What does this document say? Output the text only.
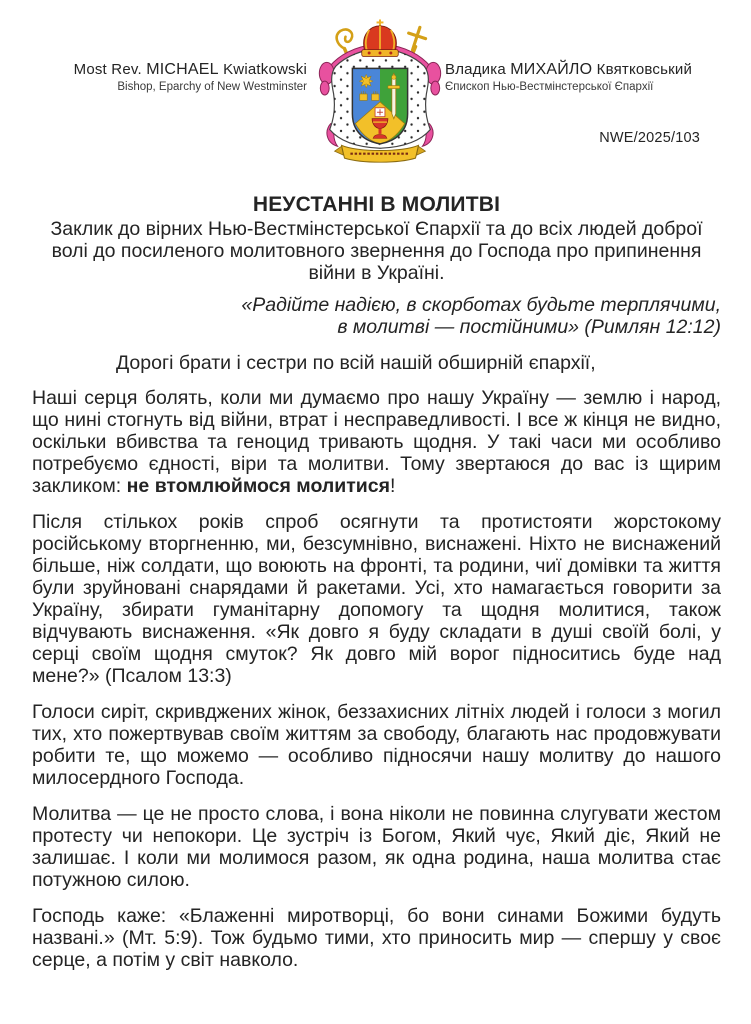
Most Rev. MICHAEL Kwiatkowski
Bishop, Eparchy of New Westminster
Владика МИХАЙЛО Квятковський
Єпископ Нью-Вестмінстерської Єпархії
NWE/2025/103
НЕУСТАННІ В МОЛИТВІ

Заклик до вірних Нью-Вестмінстерської Єпархії та до всіх людей доброї волі до посиленого молитовного звернення до Господа про припинення війни в Україні.

«Радійте надією, в скорботах будьте терплячими,
в молитві — постійними» (Римлян 12:12)

Дорогі брати і сестри по всій нашій обширній єпархії,

Наші серця болять, коли ми думаємо про нашу Україну — землю і народ, що нині стогнуть від війни, втрат і несправедливості. І все ж кінця не видно, оскільки вбивства та геноцид тривають щодня. У такі часи ми особливо потребуємо єдності, віри та молитви. Тому звертаюся до вас із щирим закликом: не втомлюймося молитися!

Після стількох років спроб осягнути та протистояти жорстокому російському вторгненню, ми, безсумнівно, виснажені. Ніхто не виснажений більше, ніж солдати, що воюють на фронті, та родини, чиї домівки та життя були зруйновані снарядами й ракетами. Усі, хто намагається говорити за Україну, збирати гуманітарну допомогу та щодня молитися, також відчувають виснаження. «Як довго я буду складати в душі своїй болі, у серці своїм щодня смуток? Як довго мій ворог підноситись буде над мене?» (Псалом 13:3)

Голоси сиріт, скривджених жінок, беззахисних літніх людей і голоси з могил тих, хто пожертвував своїм життям за свободу, благають нас продовжувати робити те, що можемо — особливо підносячи нашу молитву до нашого милосердного Господа.

Молитва — це не просто слова, і вона ніколи не повинна слугувати жестом протесту чи непокори. Це зустріч із Богом, Який чує, Який діє, Який не залишає. І коли ми молимося разом, як одна родина, наша молитва стає потужною силою.

Господь каже: «Блаженні миротворці, бо вони синами Божими будуть названі.» (Мт. 5:9). Тож будьмо тими, хто приносить мир — спершу у своє серце, а потім у світ навколо.
